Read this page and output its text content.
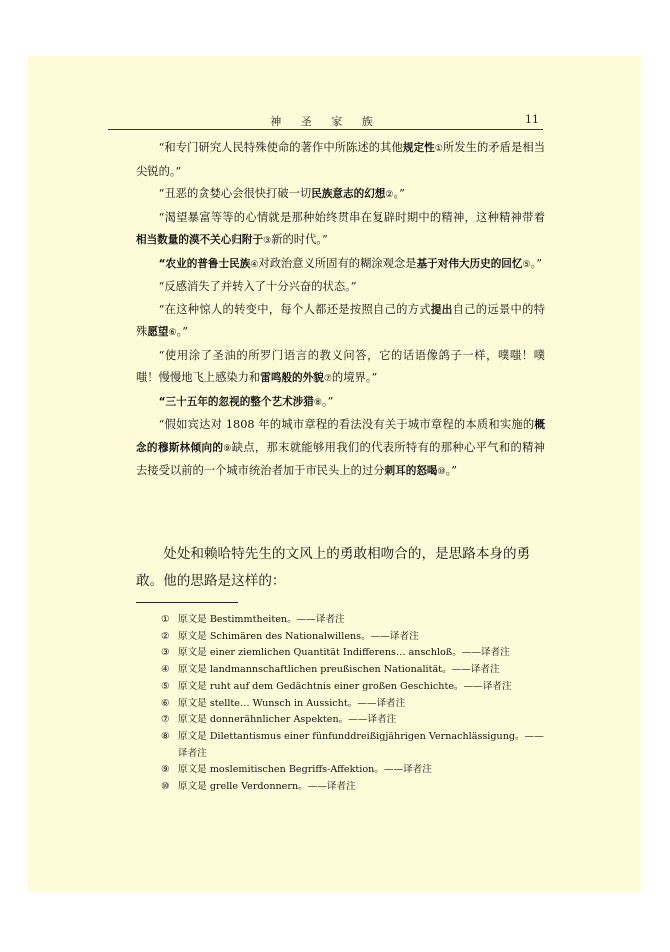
神 圣 家 族	11

“和专门研究人民特殊使命的著作中所陈述的其他规定性①所发生的矛盾是相当尖锐的。”

“丑恶的贪婪心会很快打破一切民族意志的幻想②。”

“渴望暴富等等的心情就是那种始终贯串在复辟时期中的精神，这种精神带着相当数量的漠不关心归附于③新的时代。”

“农业的普鲁士民族④对政治意义所固有的糊涂观念是基于对伟大历史的回忆⑤。”

“反感消失了并转入了十分兴奋的状态。”

“在这种惊人的转变中，每个人都还是按照自己的方式提出自己的远景中的特殊愿望⑥。”

“使用涂了圣油的所罗门语言的教义问答，它的话语像鸽子一样，噗嗤！噗嗤！慢慢地飞上感染力和雷鸣般的外貌⑦的境界。”

“三十五年的忽视的整个艺术涉猎⑧。”

“假如宾达对 1808 年的城市章程的看法没有关于城市章程的本质和实施的概念的穆斯林倾向的⑨缺点，那末就能够用我们的代表所特有的那种心平气和的精神去接受以前的一个城市统治者加于市民头上的过分刺耳的怒喝⑩。”

处处和赖哈特先生的文风上的勇敢相吻合的，是思路本身的勇敢。他的思路是这样的：

① 原文是 Bestimmtheiten。——译者注
② 原文是 Schimären des Nationalwillens。——译者注
③ 原文是 einer ziemlichen Quantität Indifferens… anschloß。——译者注
④ 原文是 landmannschaftlichen preußischen Nationalität。——译者注
⑤ 原文是 ruht auf dem Gedächtnis einer großen Geschichte。——译者注
⑥ 原文是 stellte… Wunsch in Aussicht。——译者注
⑦ 原文是 donnerähnlicher Aspekten。——译者注
⑧ 原文是 Dilettantismus einer fünfunddreißigjährigen Vernachlässigung。——译者注
⑨ 原文是 moslemitischen Begriffs-Affektion。——译者注
⑩ 原文是 grelle Verdonnern。——译者注
